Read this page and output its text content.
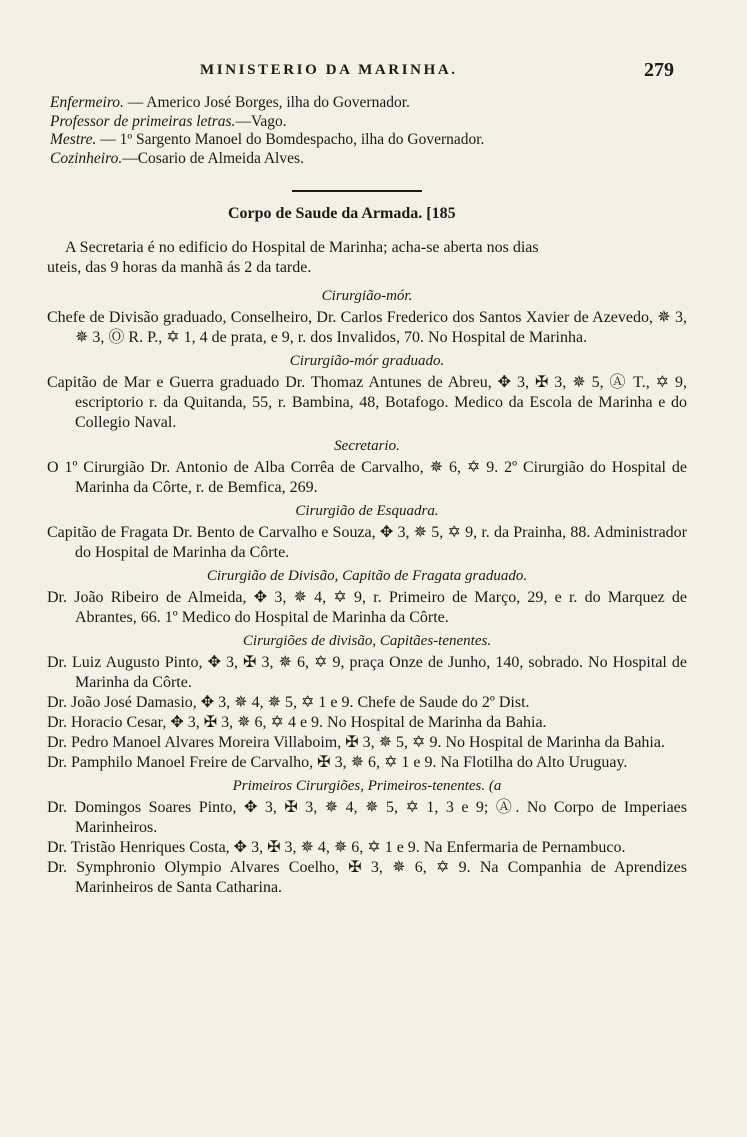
MINISTERIO DA MARINHA.	279
Enfermeiro. — Americo José Borges, ilha do Governador.
Professor de primeiras letras.—Vago.
Mestre. — 1º Sargento Manoel do Bomdespacho, ilha do Governador.
Cozinheiro.—Cosario de Almeida Alves.
Corpo de Saude da Armada. [185
A Secretaria é no edificio do Hospital de Marinha; acha-se aberta nos dias
uteis, das 9 horas da manhã ás 2 da tarde.
Cirurgião-mór.
Chefe de Divisão graduado, Conselheiro, Dr. Carlos Frederico dos Santos Xavier de Azevedo, ✵ 3, ✵ 3, Ⓞ R. P., ✡ 1, 4 de prata, e 9, r. dos Invalidos, 70. No Hospital de Marinha.
Cirurgião-mór graduado.
Capitão de Mar e Guerra graduado Dr. Thomaz Antunes de Abreu, ✥ 3, ✠ 3, ✵ 5, Ⓐ T., ✡ 9, escriptorio r. da Quitanda, 55, r. Bambina, 48, Botafogo. Medico da Escola de Marinha e do Collegio Naval.
Secretario.
O 1º Cirurgião Dr. Antonio de Alba Corrêa de Carvalho, ✵ 6, ✡ 9. 2º Cirurgião do Hospital de Marinha da Côrte, r. de Bemfica, 269.
Cirurgião de Esquadra.
Capitão de Fragata Dr. Bento de Carvalho e Souza, ✥ 3, ✵ 5, ✡ 9, r. da Prainha, 88. Administrador do Hospital de Marinha da Côrte.
Cirurgião de Divisão, Capitão de Fragata graduado.
Dr. João Ribeiro de Almeida, ✥ 3, ✵ 4, ✡ 9, r. Primeiro de Março, 29, e r. do Marquez de Abrantes, 66. 1º Medico do Hospital de Marinha da Côrte.
Cirurgiões de divisão, Capitães-tenentes.
Dr. Luiz Augusto Pinto, ✥ 3, ✠ 3, ✵ 6, ✡ 9, praça Onze de Junho, 140, sobrado. No Hospital de Marinha da Côrte.
Dr. João José Damasio, ✥ 3, ✵ 4, ✵ 5, ✡ 1 e 9. Chefe de Saude do 2º Dist.
Dr. Horacio Cesar, ✥ 3, ✠ 3, ✵ 6, ✡ 4 e 9. No Hospital de Marinha da Bahia.
Dr. Pedro Manoel Alvares Moreira Villaboim, ✠ 3, ✵ 5, ✡ 9. No Hospital de Marinha da Bahia.
Dr. Pamphilo Manoel Freire de Carvalho, ✠ 3, ✵ 6, ✡ 1 e 9. Na Flotilha do Alto Uruguay.
Primeiros Cirurgiões, Primeiros-tenentes. (a
Dr. Domingos Soares Pinto, ✥ 3, ✠ 3, ✵ 4, ✵ 5, ✡ 1, 3 e 9; Ⓐ. No Corpo de Imperiaes Marinheiros.
Dr. Tristão Henriques Costa, ✥ 3, ✠ 3, ✵ 4, ✵ 6, ✡ 1 e 9. Na Enfermaria de Pernambuco.
Dr. Symphronio Olympio Alvares Coelho, ✠ 3, ✵ 6, ✡ 9. Na Companhia de Aprendizes Marinheiros de Santa Catharina.
